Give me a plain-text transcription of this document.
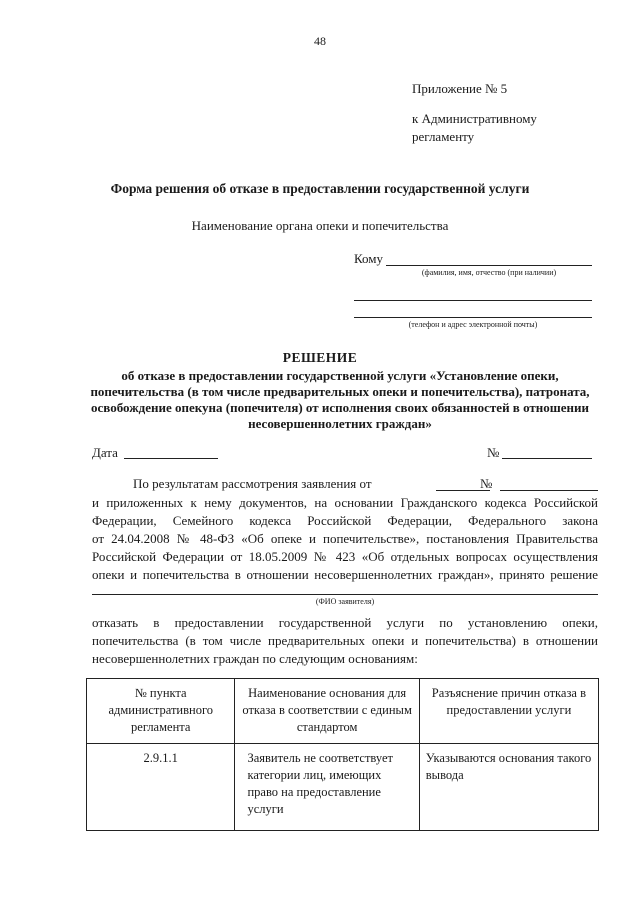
48
Приложение № 5
к Административному
регламенту
Форма решения об отказе в предоставлении государственной услуги
Наименование органа опеки и попечительства
Кому
(фамилия, имя, отчество (при наличии)
(телефон и адрес электронной почты)
РЕШЕНИЕ
об отказе в предоставлении государственной услуги «Установление опеки,
попечительства (в том числе предварительных опеки и попечительства), патроната,
освобождение опекуна (попечителя) от исполнения своих обязанностей в отношении
несовершеннолетних граждан»
Дата	№
По результатам рассмотрения заявления от	№
и приложенных к нему документов, на основании Гражданского кодекса Российской
Федерации, Семейного кодекса Российской Федерации, Федерального закона
от 24.04.2008 № 48-ФЗ «Об опеке и попечительстве», постановления Правительства
Российской Федерации от 18.05.2009 № 423 «Об отдельных вопросах осуществления
опеки и попечительства в отношении несовершеннолетних граждан», принято решение
(ФИО заявителя)
отказать в предоставлении государственной услуги по установлению опеки,
попечительства (в том числе предварительных опеки и попечительства) в отношении
несовершеннолетних граждан по следующим основаниям:
№ пункта административного регламента	Наименование основания для отказа в соответствии с единым стандартом	Разъяснение причин отказа в предоставлении услуги
2.9.1.1	Заявитель не соответствует категории лиц, имеющих право на предоставление услуги	Указываются основания такого вывода
